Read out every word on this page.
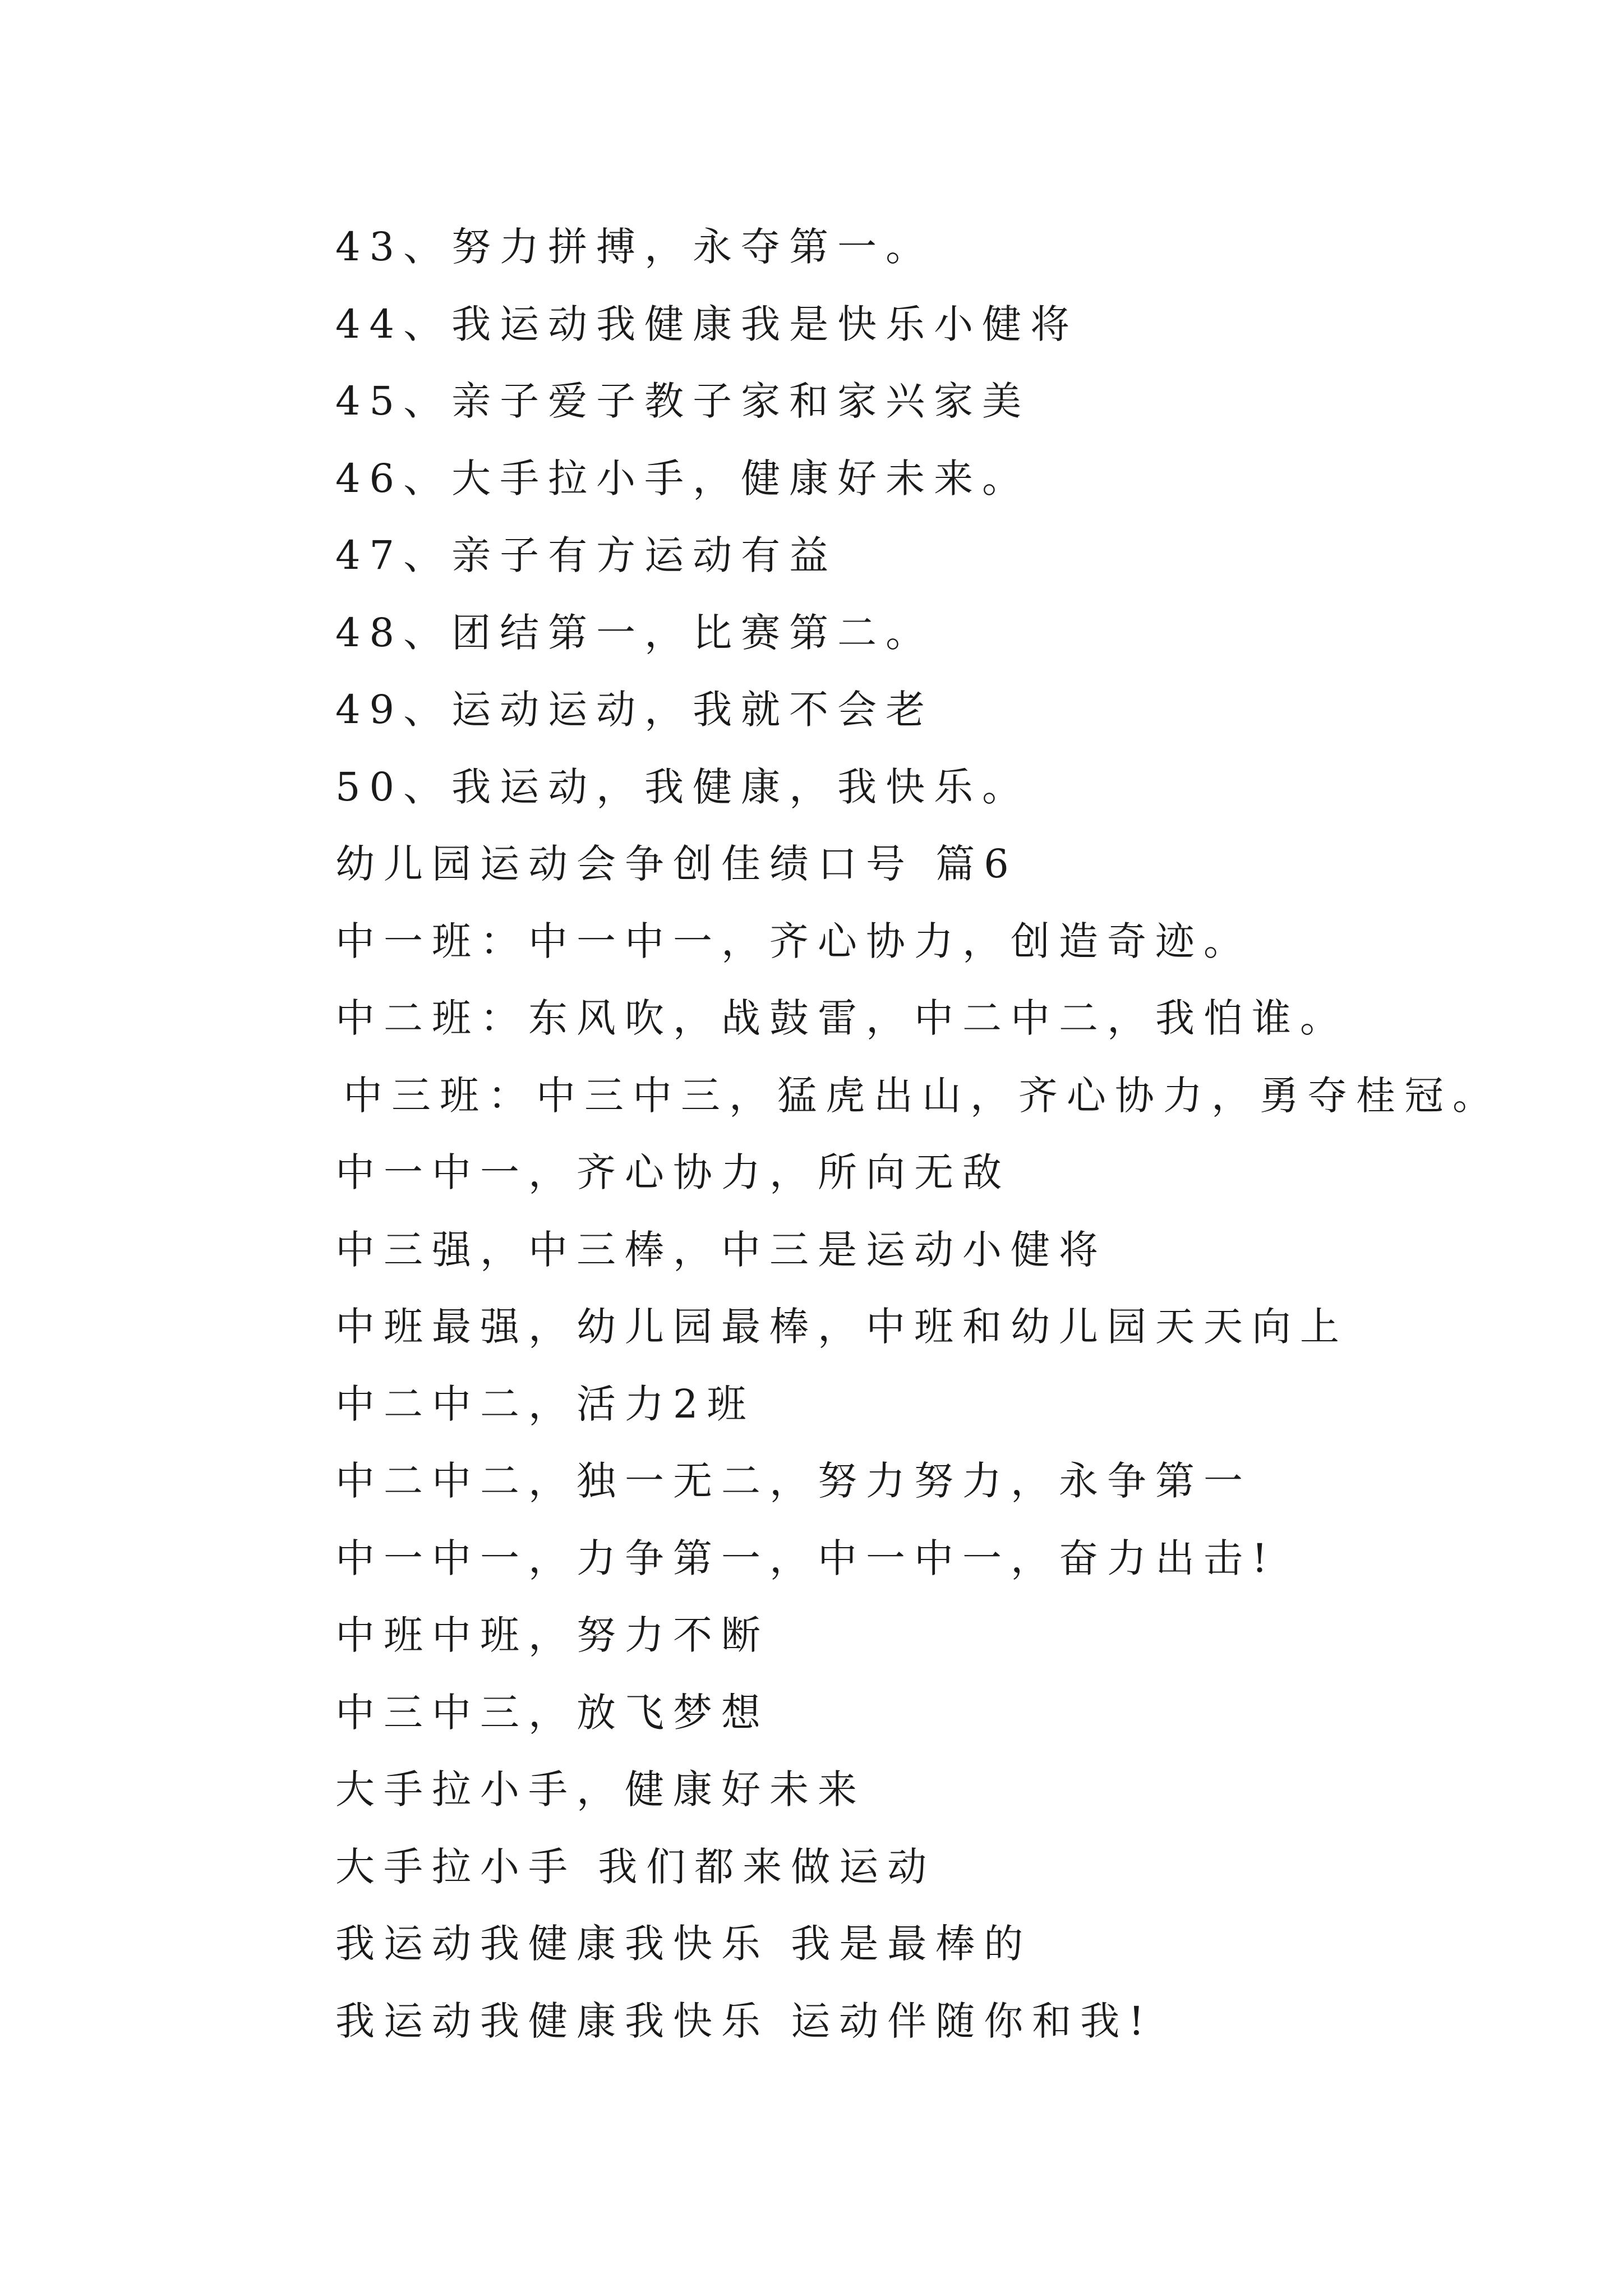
43、努力拼搏，永夺第一。
44、我运动我健康我是快乐小健将
45、亲子爱子教子家和家兴家美
46、大手拉小手，健康好未来。
47、亲子有方运动有益
48、团结第一，比赛第二。
49、运动运动，我就不会老
50、我运动，我健康，我快乐。
幼儿园运动会争创佳绩口号 篇6
中一班：中一中一，齐心协力，创造奇迹。
中二班：东风吹，战鼓雷，中二中二，我怕谁。
中三班：中三中三，猛虎出山，齐心协力，勇夺桂冠。
中一中一，齐心协力，所向无敌
中三强，中三棒，中三是运动小健将
中班最强，幼儿园最棒，中班和幼儿园天天向上
中二中二，活力2班
中二中二，独一无二，努力努力，永争第一
中一中一，力争第一，中一中一，奋力出击!
中班中班，努力不断
中三中三，放飞梦想
大手拉小手，健康好未来
大手拉小手 我们都来做运动
我运动我健康我快乐 我是最棒的
我运动我健康我快乐 运动伴随你和我!
